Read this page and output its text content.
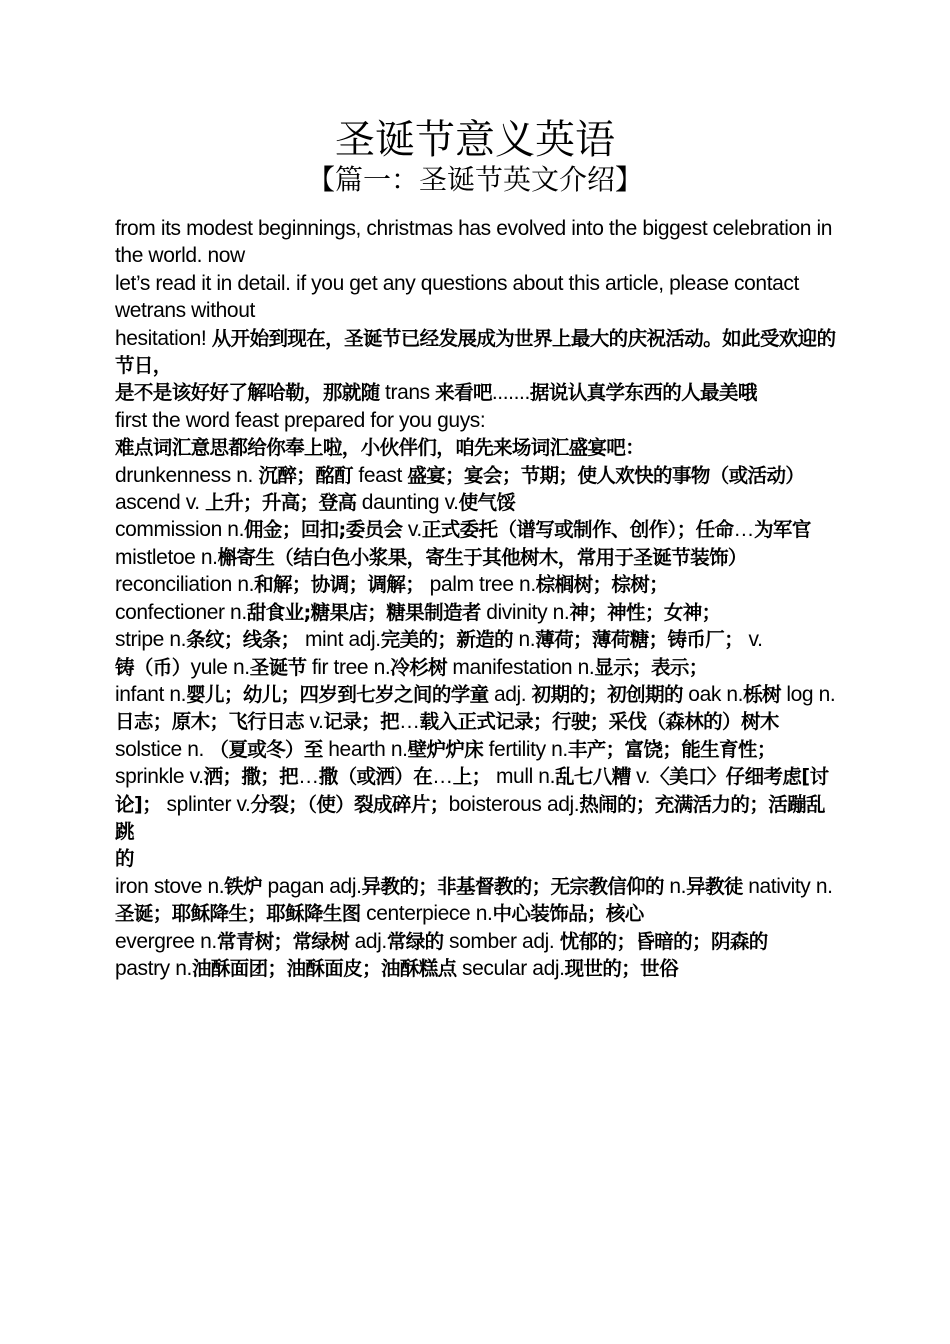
圣诞节意义英语
【篇一：圣诞节英文介绍】

from its modest beginnings, christmas has evolved into the biggest celebration in the world. now

let’s read it in detail. if you get any questions about this article, please contact wetrans without

hesitation! 从开始到现在，圣诞节已经发展成为世界上最大的庆祝活动。如此受欢迎的节日，

是不是该好好了解哈勒，那就随 trans 来看吧.......据说认真学东西的人最美哦

first the word feast prepared for you guys:

难点词汇意思都给你奉上啦，小伙伴们，咱先来场词汇盛宴吧：

drunkenness n. 沉醉；酩酊 feast 盛宴；宴会；节期；使人欢快的事物（或活动）ascend v. 上升；升高；登高 daunting v.使气馁

commission n.佣金；回扣;委员会 v.正式委托（谱写或制作、创作）；任命…为军官

mistletoe n.槲寄生（结白色小浆果，寄生于其他树木，常用于圣诞节装饰）

reconciliation n.和解；协调；调解； palm tree n.棕榈树；棕树；

confectioner n.甜食业;糖果店；糖果制造者 divinity n.神；神性；女神；

stripe n.条纹；线条； mint adj.完美的；新造的 n.薄荷；薄荷糖；铸币厂； v.铸（币）yule n.圣诞节 fir tree n.冷杉树 manifestation n.显示；表示；

infant n.婴儿；幼儿；四岁到七岁之间的学童 adj. 初期的；初创期的 oak n.栎树 log n. 日志；原木；飞行日志 v.记录；把…载入正式记录；行驶；采伐（森林的）树木 solstice n. （夏或冬）至 hearth n.壁炉炉床 fertility n.丰产；富饶；能生育性；

sprinkle v.洒；撒；把…撒（或洒）在…上； mull n.乱七八糟 v.〈美口〉仔细考虑[讨论]； splinter v.分裂；（使）裂成碎片；boisterous adj.热闹的；充满活力的；活蹦乱跳

的

iron stove n.铁炉 pagan adj.异教的；非基督教的；无宗教信仰的 n.异教徒 nativity n.圣诞；耶稣降生；耶稣降生图 centerpiece n.中心装饰品；核心

evergree n.常青树；常绿树 adj.常绿的 somber adj. 忧郁的；昏暗的；阴森的

pastry n.油酥面团；油酥面皮；油酥糕点 secular adj.现世的；世俗
